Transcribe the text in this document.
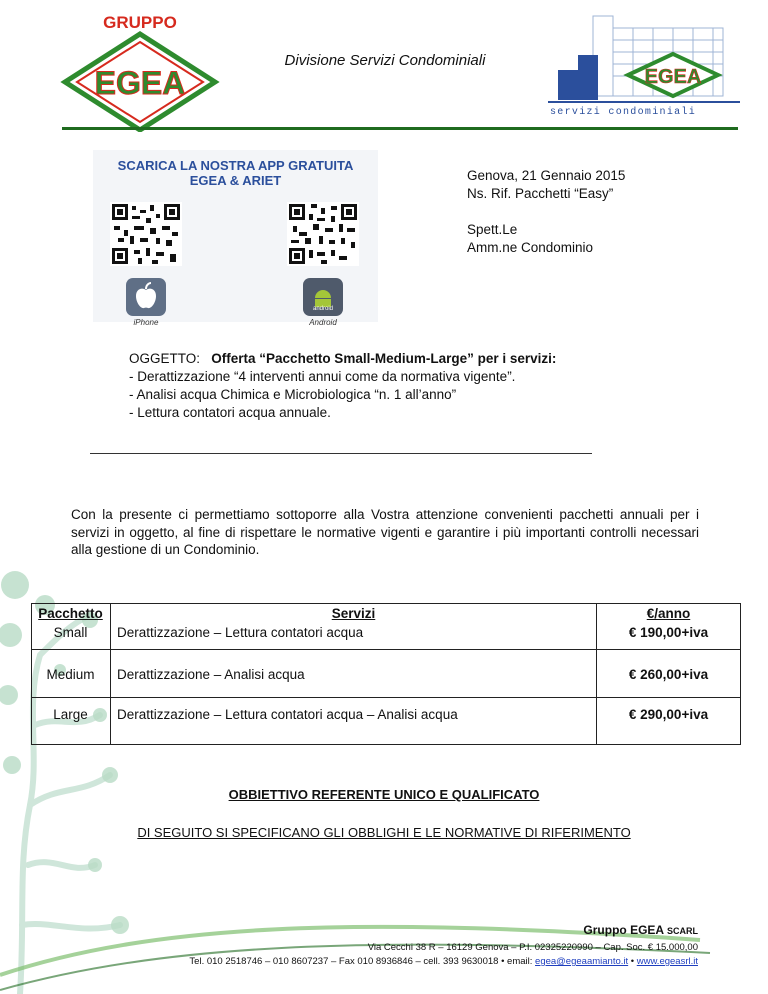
GRUPPO
EGEA
Divisione Servizi Condominiali
EGEA
servizi condominiali
SCARICA LA NOSTRA APP GRATUITA
EGEA & ARIET
iPhone
android
Android
Genova, 21 Gennaio 2015
Ns. Rif. Pacchetti “Easy”
Spett.Le
Amm.ne Condominio
OGGETTO: Offerta “Pacchetto Small-Medium-Large” per i servizi:
- Derattizzazione “4 interventi annui come da normativa vigente”.
- Analisi acqua Chimica e Microbiologica “n. 1 all’anno”
- Lettura contatori acqua annuale.
Con la presente ci permettiamo sottoporre alla Vostra attenzione convenienti pacchetti annuali per i servizi in oggetto, al fine di rispettare le normative vigenti e garantire i più importanti controlli necessari alla gestione di un Condominio.
Pacchetto	Servizi	€/anno
Small	Derattizzazione – Lettura contatori acqua	€ 190,00+iva
Medium	Derattizzazione – Analisi acqua	€ 260,00+iva
Large	Derattizzazione – Lettura contatori acqua – Analisi acqua	€ 290,00+iva
OBBIETTIVO REFERENTE UNICO E QUALIFICATO
DI SEGUITO SI SPECIFICANO GLI OBBLIGHI E LE NORMATIVE DI RIFERIMENTO
Gruppo EGEA SCARL
Via Cecchi 38 R – 16129 Genova – P.I. 02325220990 – Cap. Soc. € 15.000,00
Tel. 010 2518746 – 010 8607237 – Fax 010 8936846 – cell. 393 9630018 • email: egea@egeaamianto.it • www.egeasrl.it
